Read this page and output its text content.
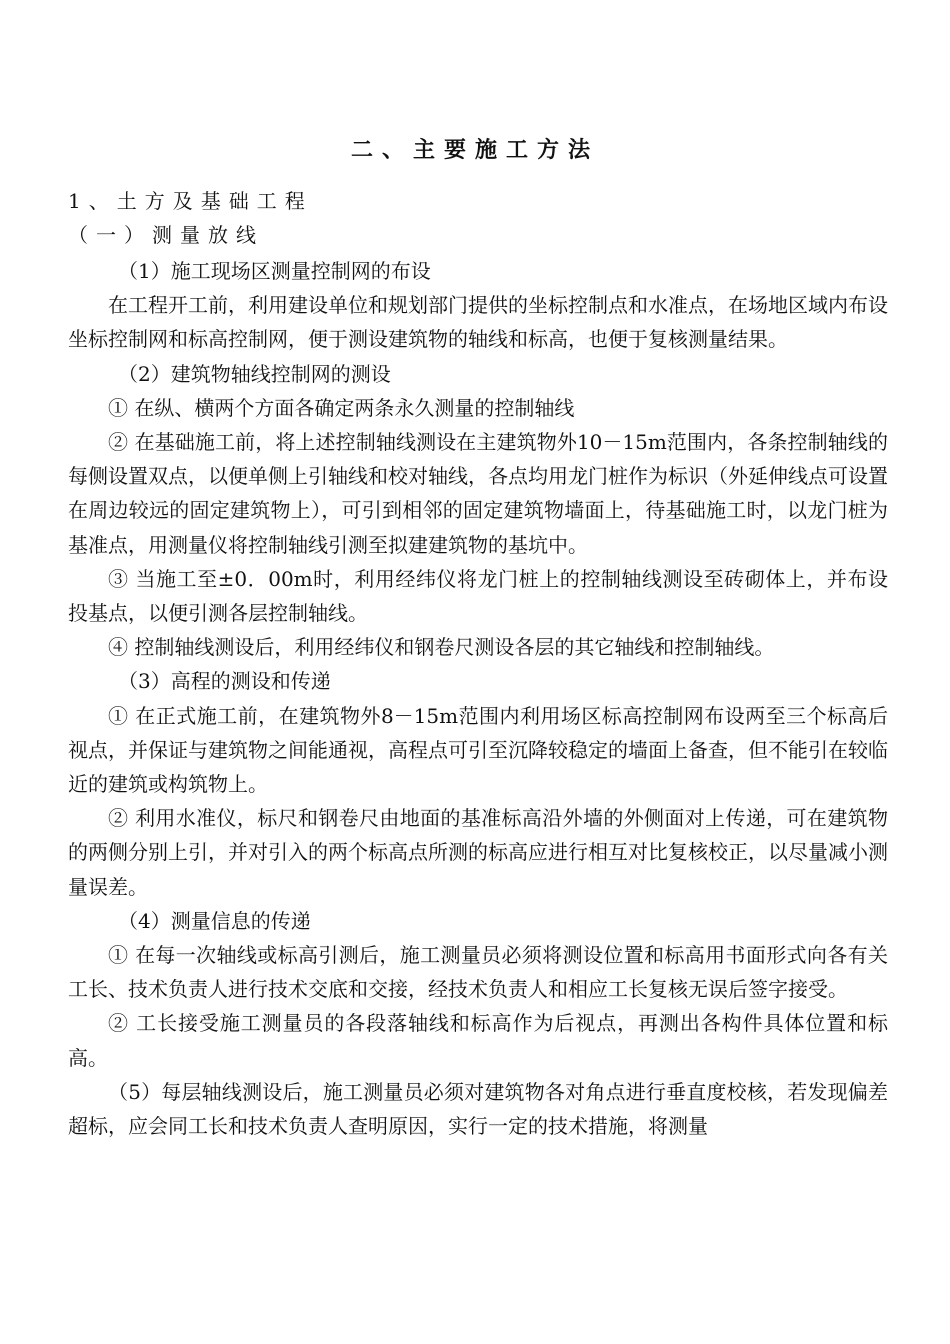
二、主要施工方法
1、土方及基础工程
（一）测量放线

（1）施工现场区测量控制网的布设

在工程开工前，利用建设单位和规划部门提供的坐标控制点和水准点，在场地区域内布设坐标控制网和标高控制网，便于测设建筑物的轴线和标高，也便于复核测量结果。

（2）建筑物轴线控制网的测设

① 在纵、横两个方面各确定两条永久测量的控制轴线

② 在基础施工前，将上述控制轴线测设在主建筑物外10－15m范围内，各条控制轴线的每侧设置双点，以便单侧上引轴线和校对轴线，各点均用龙门桩作为标识（外延伸线点可设置在周边较远的固定建筑物上），可引到相邻的固定建筑物墙面上，待基础施工时，以龙门桩为基准点，用测量仪将控制轴线引测至拟建建筑物的基坑中。

③ 当施工至±0．00m时，利用经纬仪将龙门桩上的控制轴线测设至砖砌体上，并布设投基点，以便引测各层控制轴线。

④ 控制轴线测设后，利用经纬仪和钢卷尺测设各层的其它轴线和控制轴线。

（3）高程的测设和传递

① 在正式施工前，在建筑物外8－15m范围内利用场区标高控制网布设两至三个标高后视点，并保证与建筑物之间能通视，高程点可引至沉降较稳定的墙面上备查，但不能引在较临近的建筑或构筑物上。

② 利用水准仪，标尺和钢卷尺由地面的基准标高沿外墙的外侧面对上传递，可在建筑物的两侧分别上引，并对引入的两个标高点所测的标高应进行相互对比复核校正，以尽量减小测量误差。

（4）测量信息的传递

① 在每一次轴线或标高引测后，施工测量员必须将测设位置和标高用书面形式向各有关工长、技术负责人进行技术交底和交接，经技术负责人和相应工长复核无误后签字接受。

② 工长接受施工测量员的各段落轴线和标高作为后视点，再测出各构件具体位置和标高。

（5）每层轴线测设后，施工测量员必须对建筑物各对角点进行垂直度校核，若发现偏差超标，应会同工长和技术负责人查明原因，实行一定的技术措施，将测量
